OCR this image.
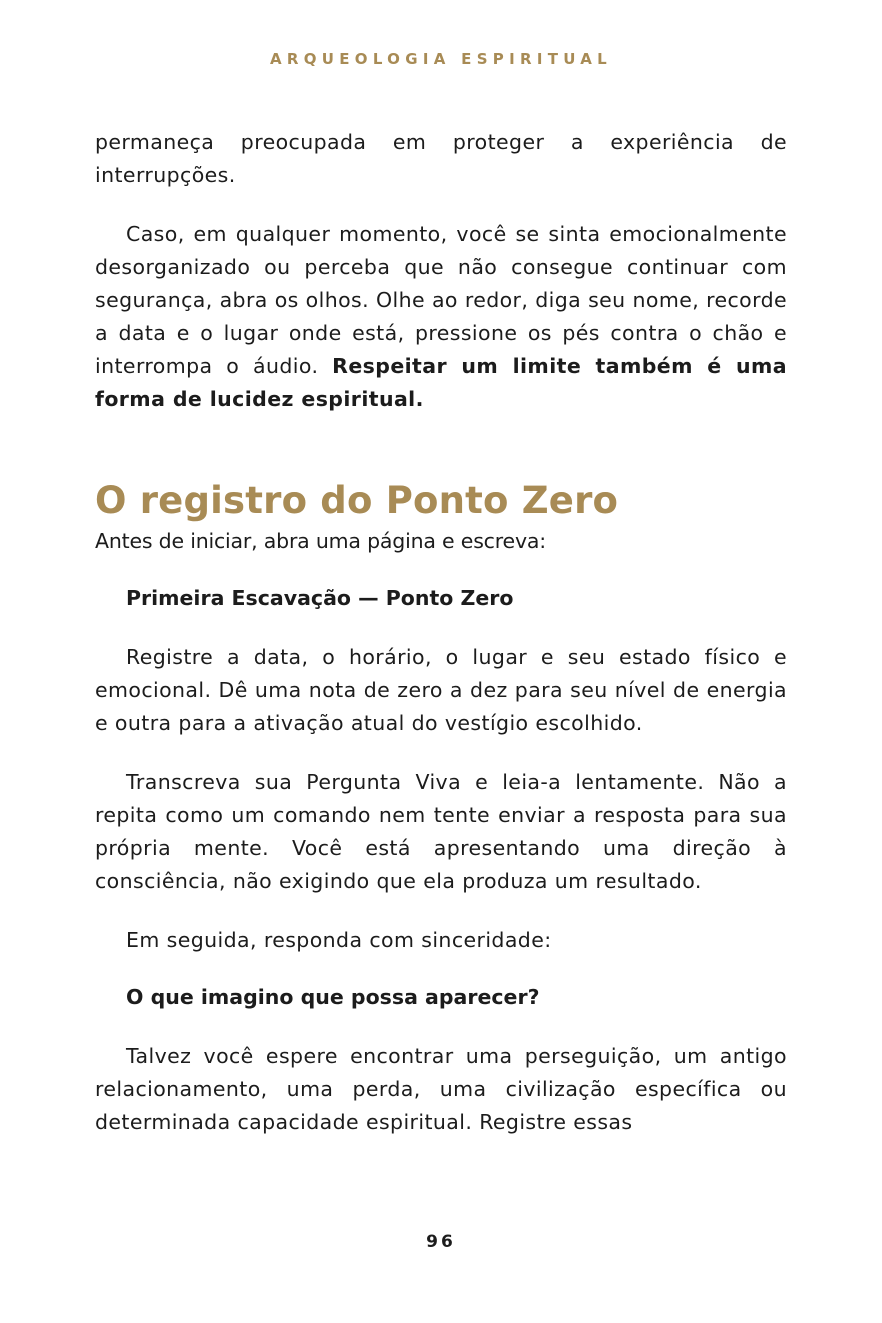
ARQUEOLOGIA ESPIRITUAL

permaneça preocupada em proteger a experiência de interrupções.

Caso, em qualquer momento, você se sinta emocionalmente desorganizado ou perceba que não consegue continuar com segurança, abra os olhos. Olhe ao redor, diga seu nome, recorde a data e o lugar onde está, pressione os pés contra o chão e interrompa o áudio. Respeitar um limite também é uma forma de lucidez espiritual.

O registro do Ponto Zero

Antes de iniciar, abra uma página e escreva:

Primeira Escavação — Ponto Zero

Registre a data, o horário, o lugar e seu estado físico e emocional. Dê uma nota de zero a dez para seu nível de energia e outra para a ativação atual do vestígio escolhido.

Transcreva sua Pergunta Viva e leia-a lentamente. Não a repita como um comando nem tente enviar a resposta para sua própria mente. Você está apresentando uma direção à consciência, não exigindo que ela produza um resultado.

Em seguida, responda com sinceridade:

O que imagino que possa aparecer?

Talvez você espere encontrar uma perseguição, um antigo relacionamento, uma perda, uma civilização específica ou determinada capacidade espiritual. Registre essas

96
